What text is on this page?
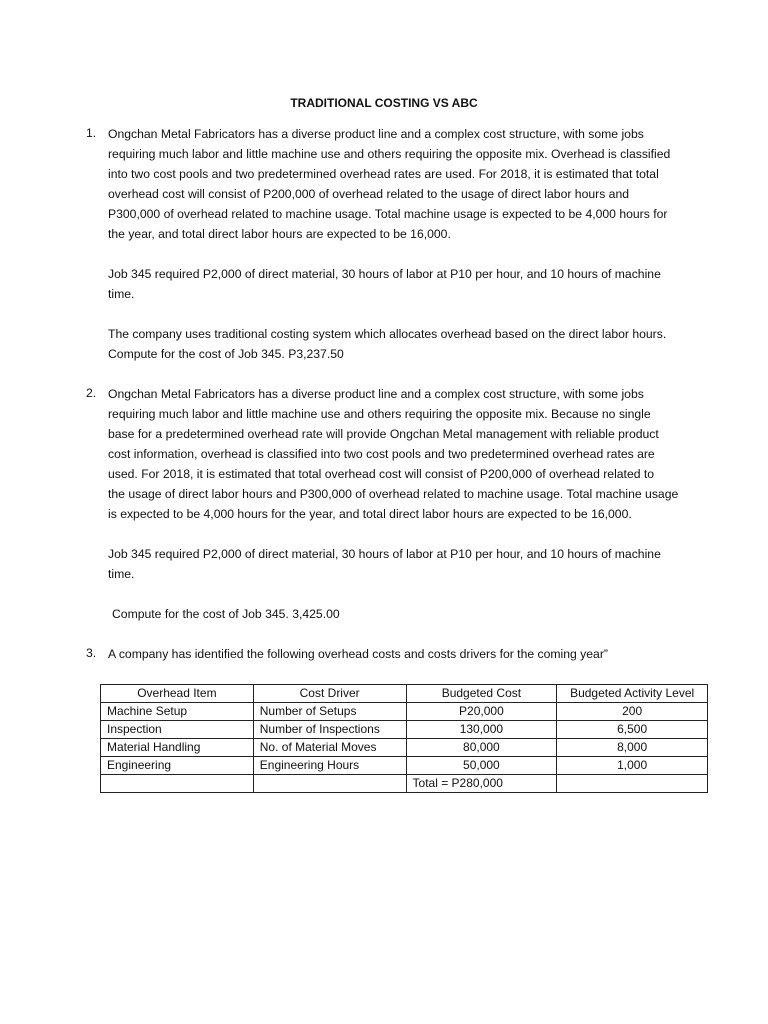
TRADITIONAL COSTING VS ABC
1. Ongchan Metal Fabricators has a diverse product line and a complex cost structure, with some jobs
requiring much labor and little machine use and others requiring the opposite mix. Overhead is classified
into two cost pools and two predetermined overhead rates are used. For 2018, it is estimated that total
overhead cost will consist of P200,000 of overhead related to the usage of direct labor hours and
P300,000 of overhead related to machine usage. Total machine usage is expected to be 4,000 hours for
the year, and total direct labor hours are expected to be 16,000.

Job 345 required P2,000 of direct material, 30 hours of labor at P10 per hour, and 10 hours of machine
time.

The company uses traditional costing system which allocates overhead based on the direct labor hours.
Compute for the cost of Job 345. P3,237.50

2. Ongchan Metal Fabricators has a diverse product line and a complex cost structure, with some jobs
requiring much labor and little machine use and others requiring the opposite mix. Because no single
base for a predetermined overhead rate will provide Ongchan Metal management with reliable product
cost information, overhead is classified into two cost pools and two predetermined overhead rates are
used. For 2018, it is estimated that total overhead cost will consist of P200,000 of overhead related to
the usage of direct labor hours and P300,000 of overhead related to machine usage. Total machine usage
is expected to be 4,000 hours for the year, and total direct labor hours are expected to be 16,000.

Job 345 required P2,000 of direct material, 30 hours of labor at P10 per hour, and 10 hours of machine
time.

Compute for the cost of Job 345. 3,425.00

3. A company has identified the following overhead costs and costs drivers for the coming year”

Overhead Item	Cost Driver	Budgeted Cost	Budgeted Activity Level
Machine Setup	Number of Setups	P20,000	200
Inspection	Number of Inspections	130,000	6,500
Material Handling	No. of Material Moves	80,000	8,000
Engineering	Engineering Hours	50,000	1,000
		Total = P280,000	
